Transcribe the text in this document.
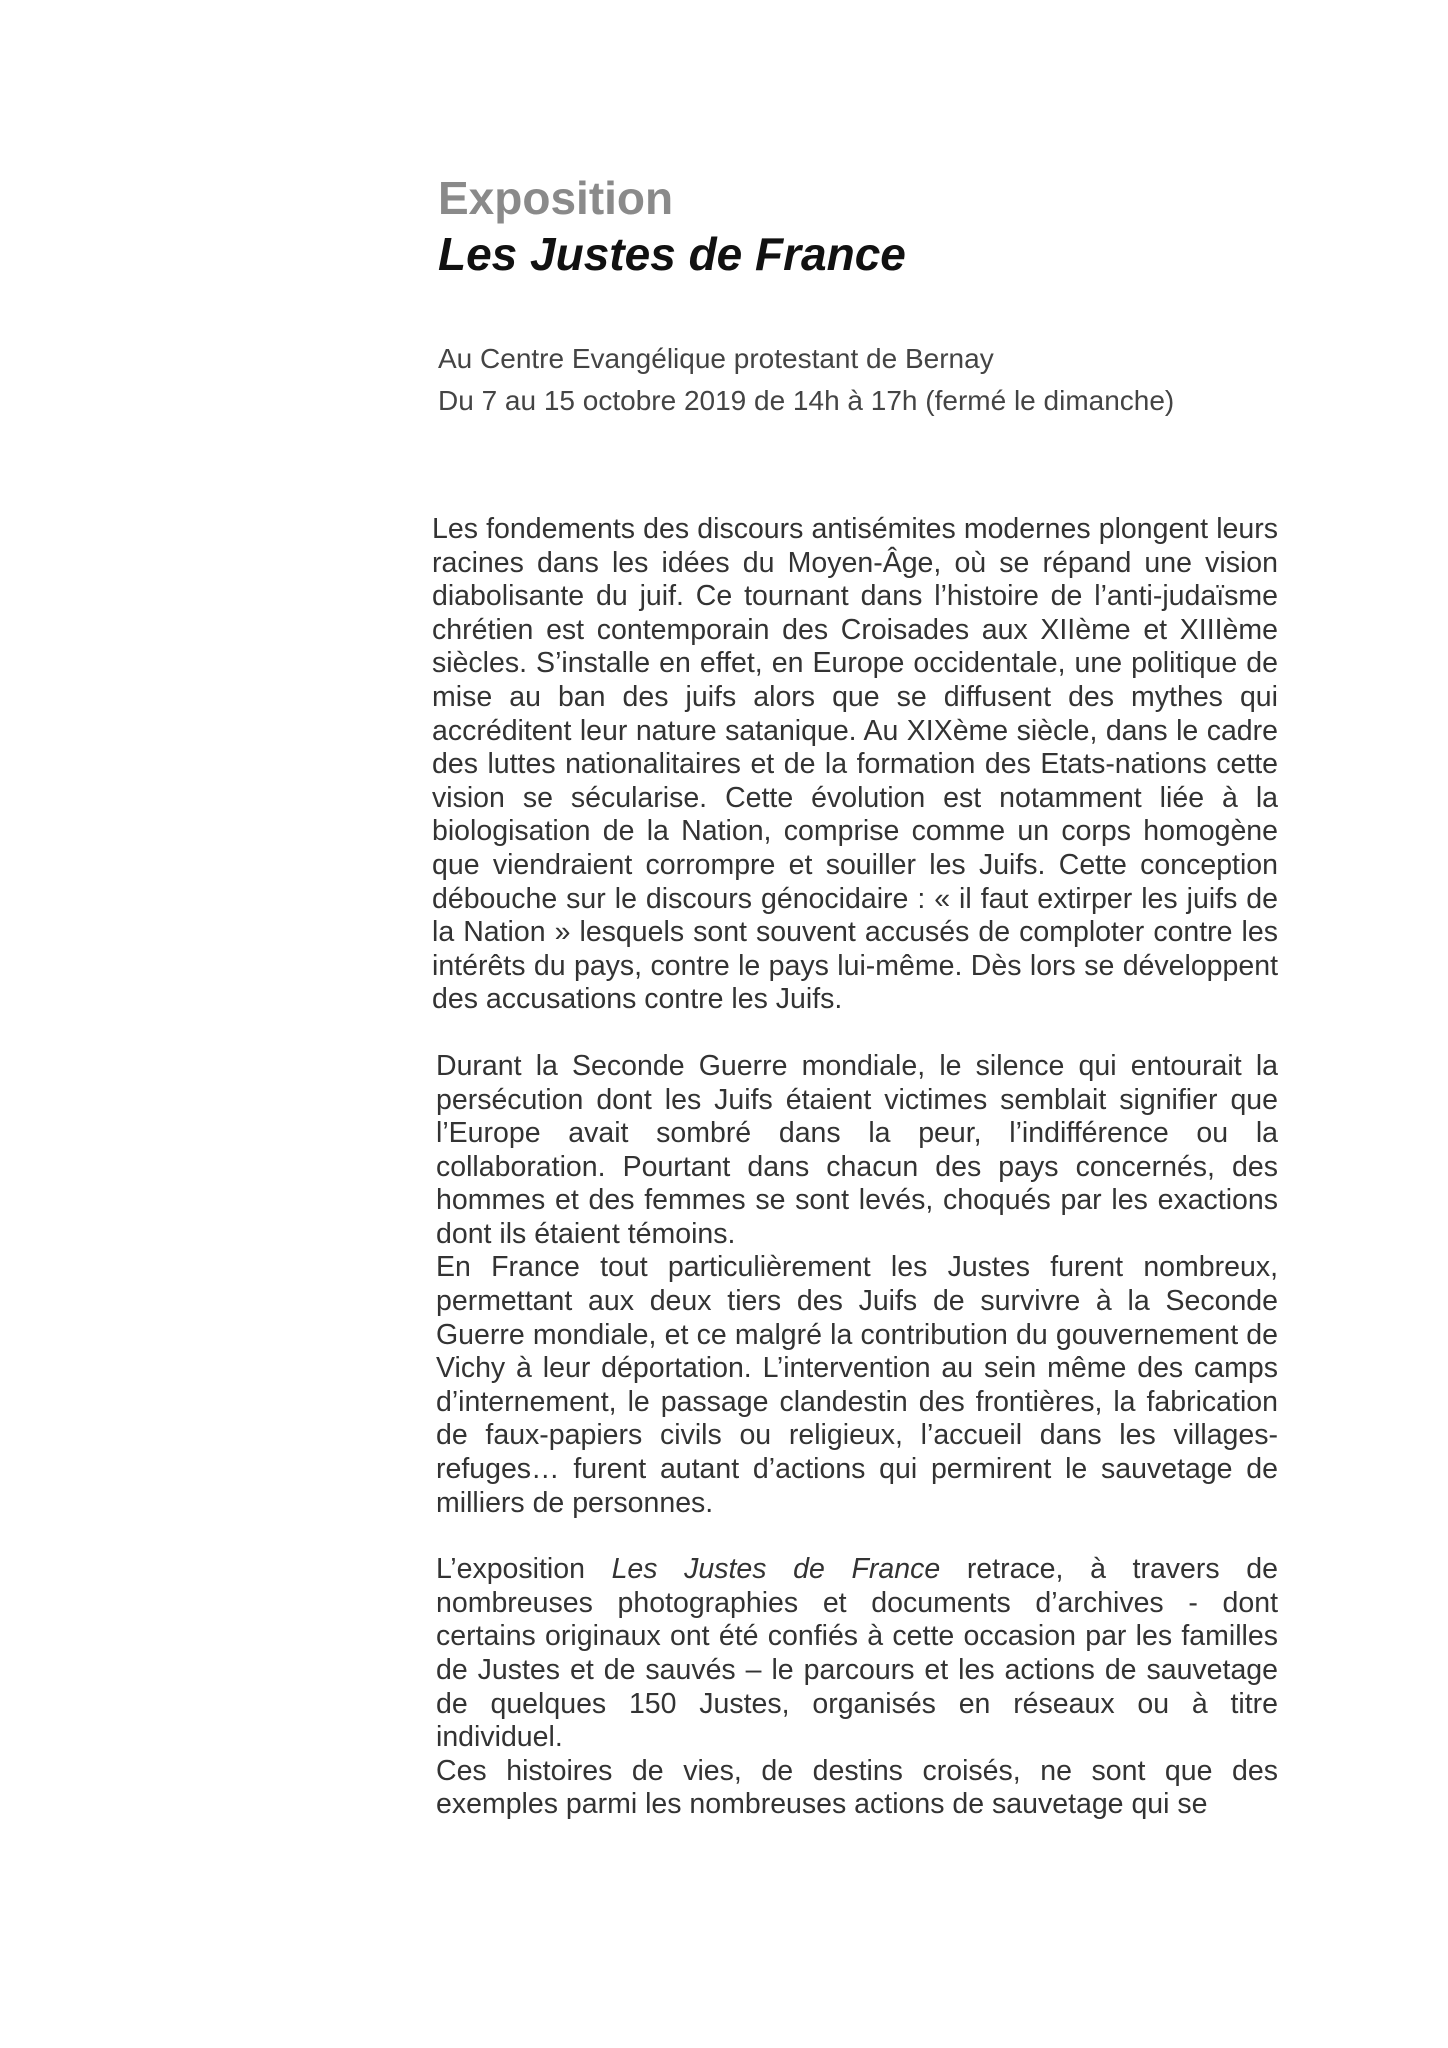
Exposition
Les Justes de France
Au Centre Evangélique protestant de Bernay
Du 7 au 15 octobre 2019 de 14h à 17h (fermé le dimanche)

Les fondements des discours antisémites modernes plongent leurs racines dans les idées du Moyen-Âge, où se répand une vision diabolisante du juif. Ce tournant dans l’histoire de l’anti-judaïsme chrétien est contemporain des Croisades aux XIIème et XIIIème siècles. S’installe en effet, en Europe occidentale, une politique de mise au ban des juifs alors que se diffusent des mythes qui accréditent leur nature satanique. Au XIXème siècle, dans le cadre des luttes nationalitaires et de la formation des Etats-nations cette vision se sécularise. Cette évolution est notamment liée à la biologisation de la Nation, comprise comme un corps homogène que viendraient corrompre et souiller les Juifs. Cette conception débouche sur le discours génocidaire : « il faut extirper les juifs de la Nation » lesquels sont souvent accusés de comploter contre les intérêts du pays, contre le pays lui-même. Dès lors se développent des accusations contre les Juifs.

Durant la Seconde Guerre mondiale, le silence qui entourait la persécution dont les Juifs étaient victimes semblait signifier que l’Europe avait sombré dans la peur, l’indifférence ou la collaboration. Pourtant dans chacun des pays concernés, des hommes et des femmes se sont levés, choqués par les exactions dont ils étaient témoins.

En France tout particulièrement les Justes furent nombreux, permettant aux deux tiers des Juifs de survivre à la Seconde Guerre mondiale, et ce malgré la contribution du gouvernement de Vichy à leur déportation. L’intervention au sein même des camps d’internement, le passage clandestin des frontières, la fabrication de faux-papiers civils ou religieux, l’accueil dans les villages-refuges… furent autant d’actions qui permirent le sauvetage de milliers de personnes.

L’exposition Les Justes de France retrace, à travers de nombreuses photographies et documents d’archives - dont certains originaux ont été confiés à cette occasion par les familles de Justes et de sauvés – le parcours et les actions de sauvetage de quelques 150 Justes, organisés en réseaux ou à titre individuel.

Ces histoires de vies, de destins croisés, ne sont que des exemples parmi les nombreuses actions de sauvetage qui se
